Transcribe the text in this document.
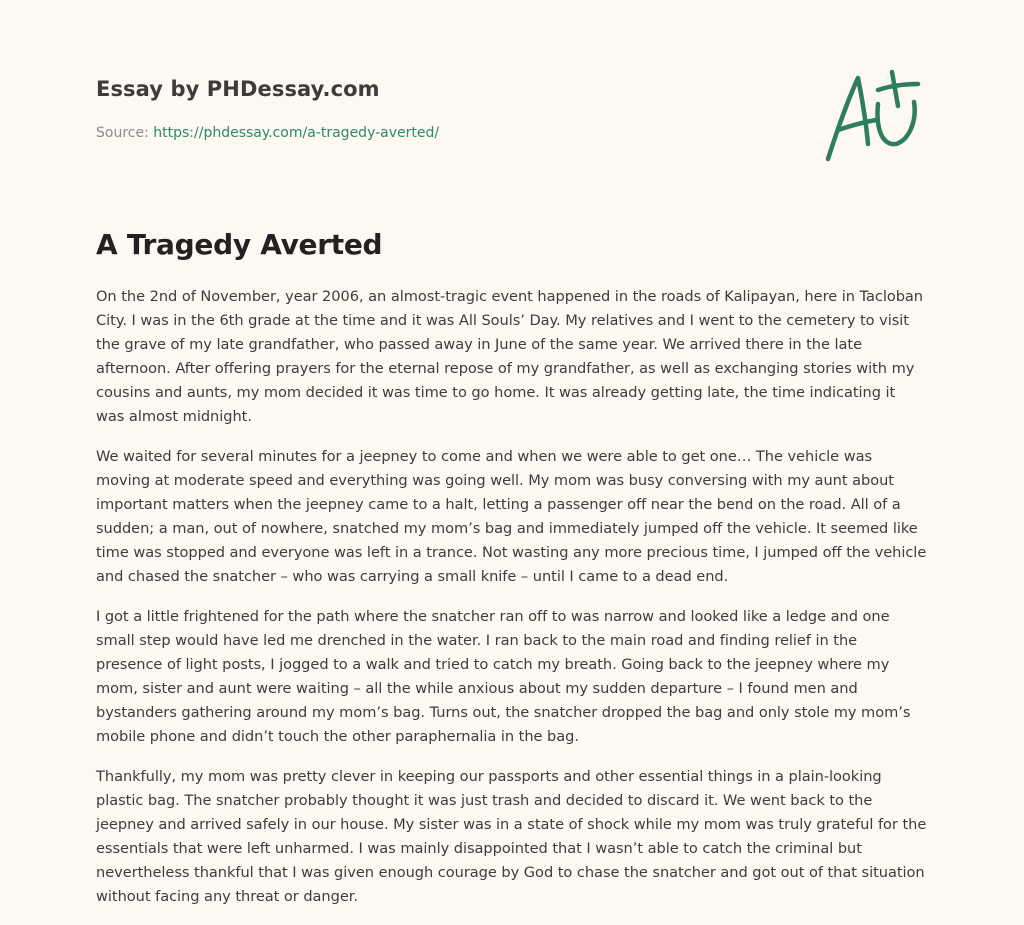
Essay by PHDessay.com
Source: https://phdessay.com/a-tragedy-averted/
A Tragedy Averted

On the 2nd of November, year 2006, an almost-tragic event happened in the roads of Kalipayan, here in Tacloban City. I was in the 6th grade at the time and it was All Souls’ Day. My relatives and I went to the cemetery to visit the grave of my late grandfather, who passed away in June of the same year. We arrived there in the late afternoon. After offering prayers for the eternal repose of my grandfather, as well as exchanging stories with my cousins and aunts, my mom decided it was time to go home. It was already getting late, the time indicating it was almost midnight.

We waited for several minutes for a jeepney to come and when we were able to get one… The vehicle was moving at moderate speed and everything was going well. My mom was busy conversing with my aunt about important matters when the jeepney came to a halt, letting a passenger off near the bend on the road. All of a sudden; a man, out of nowhere, snatched my mom’s bag and immediately jumped off the vehicle. It seemed like time was stopped and everyone was left in a trance. Not wasting any more precious time, I jumped off the vehicle and chased the snatcher – who was carrying a small knife – until I came to a dead end.

I got a little frightened for the path where the snatcher ran off to was narrow and looked like a ledge and one small step would have led me drenched in the water. I ran back to the main road and finding relief in the presence of light posts, I jogged to a walk and tried to catch my breath. Going back to the jeepney where my mom, sister and aunt were waiting – all the while anxious about my sudden departure – I found men and bystanders gathering around my mom’s bag. Turns out, the snatcher dropped the bag and only stole my mom’s mobile phone and didn’t touch the other paraphernalia in the bag.

Thankfully, my mom was pretty clever in keeping our passports and other essential things in a plain-looking plastic bag. The snatcher probably thought it was just trash and decided to discard it. We went back to the jeepney and arrived safely in our house. My sister was in a state of shock while my mom was truly grateful for the essentials that were left unharmed. I was mainly disappointed that I wasn’t able to catch the criminal but nevertheless thankful that I was given enough courage by God to chase the snatcher and got out of that situation without facing any threat or danger.
